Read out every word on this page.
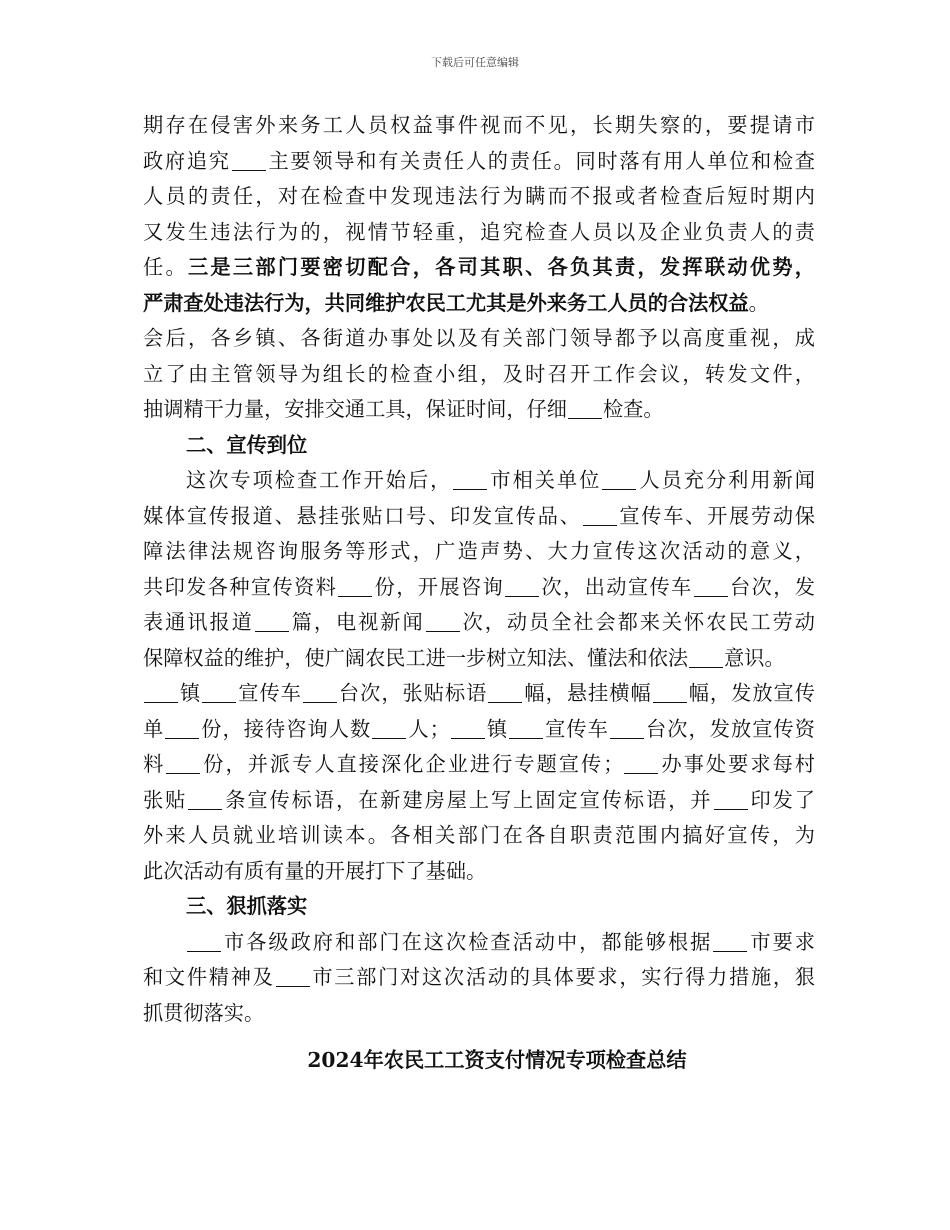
下载后可任意编辑
期存在侵害外来务工人员权益事件视而不见，长期失察的，要提请市
政府追究 主要领导和有关责任人的责任。同时落有用人单位和检查
人员的责任，对在检查中发现违法行为瞒而不报或者检查后短时期内
又发生违法行为的，视情节轻重，追究检查人员以及企业负责人的责
任。三是三部门要密切配合，各司其职、各负其责，发挥联动优势，
严肃查处违法行为，共同维护农民工尤其是外来务工人员的合法权益。
会后，各乡镇、各街道办事处以及有关部门领导都予以高度重视，成
立了由主管领导为组长的检查小组，及时召开工作会议，转发文件，
抽调精干力量，安排交通工具，保证时间，仔细 检查。
二、宣传到位
这次专项检查工作开始后， 市相关单位 人员充分利用新闻
媒体宣传报道、悬挂张贴口号、印发宣传品、 宣传车、开展劳动保
障法律法规咨询服务等形式，广造声势、大力宣传这次活动的意义，
共印发各种宣传资料 份，开展咨询 次，出动宣传车 台次，发
表通讯报道 篇，电视新闻 次，动员全社会都来关怀农民工劳动
保障权益的维护，使广阔农民工进一步树立知法、懂法和依法 意识。
镇 宣传车 台次，张贴标语 幅，悬挂横幅 幅，发放宣传
单 份，接待咨询人数 人； 镇 宣传车 台次，发放宣传资
料 份，并派专人直接深化企业进行专题宣传； 办事处要求每村
张贴 条宣传标语，在新建房屋上写上固定宣传标语，并 印发了
外来人员就业培训读本。各相关部门在各自职责范围内搞好宣传，为
此次活动有质有量的开展打下了基础。
三、狠抓落实
市各级政府和部门在这次检查活动中，都能够根据 市要求
和文件精神及 市三部门对这次活动的具体要求，实行得力措施，狠
抓贯彻落实。
2024年农民工工资支付情况专项检查总结
